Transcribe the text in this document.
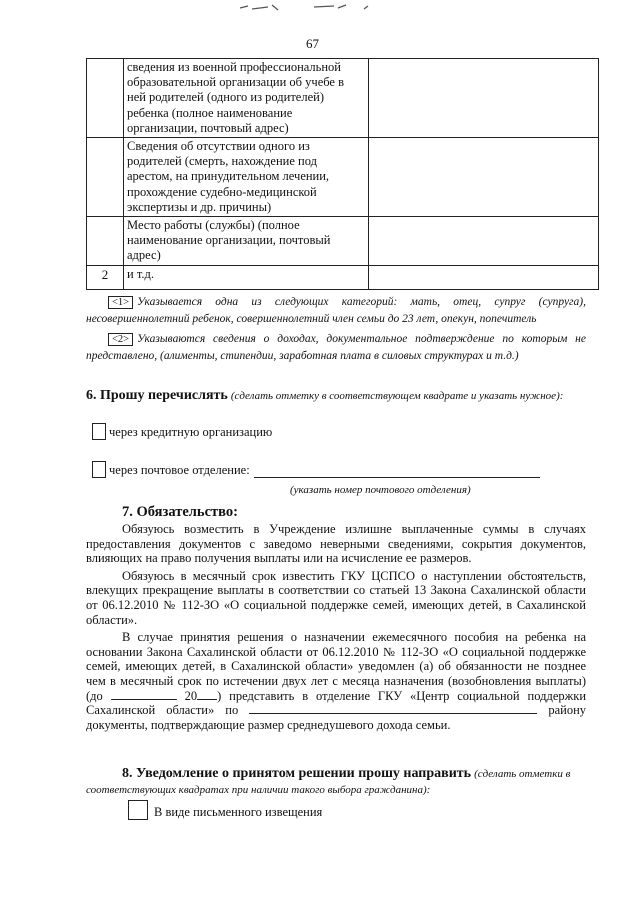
67
	сведения из военной профессиональной образовательной организации об учебе в ней родителей (одного из родителей) ребенка (полное наименование организации, почтовый адрес)	
	Сведения об отсутствии одного из родителей (смерть, нахождение под арестом, на принудительном лечении, прохождение судебно-медицинской экспертизы и др. причины)	
	Место работы (службы) (полное наименование организации, почтовый адрес)	
2	и т.д.	

<1> Указывается одна из следующих категорий: мать, отец, супруг (супруга), несовершеннолетний ребенок, совершеннолетний член семьи до 23 лет, опекун, попечитель

<2> Указываются сведения о доходах, документальное подтверждение по которым не представлено, (алименты, стипендии, заработная плата в силовых структурах и т.д.)

6. Прошу перечислять (сделать отметку в соответствующем квадрате и указать нужное):
через кредитную организацию
через почтовое отделение:
(указать номер почтового отделения)
7. Обязательство:

Обязуюсь возместить в Учреждение излишне выплаченные суммы в случаях предоставления документов с заведомо неверными сведениями, сокрытия документов, влияющих на право получения выплаты или на исчисление ее размеров.

Обязуюсь в месячный срок известить ГКУ ЦСПСО о наступлении обстоятельств, влекущих прекращение выплаты в соответствии со статьей 13 Закона Сахалинской области от 06.12.2010 № 112-ЗО «О социальной поддержке семей, имеющих детей, в Сахалинской области».

В случае принятия решения о назначении ежемесячного пособия на ребенка на основании Закона Сахалинской области от 06.12.2010 № 112-ЗО «О социальной поддержке семей, имеющих детей, в Сахалинской области» уведомлен (а) об обязанности не позднее чем в месячный срок по истечении двух лет с месяца назначения (возобновления выплаты) (до	20 ) представить в отделение ГКУ «Центр социальной поддержки Сахалинской области» по	району документы, подтверждающие размер среднедушевого дохода семьи.

8. Уведомление о принятом решении прошу направить (сделать отметки в соответствующих квадратах при наличии такого выбора гражданина):
В виде письменного извещения
